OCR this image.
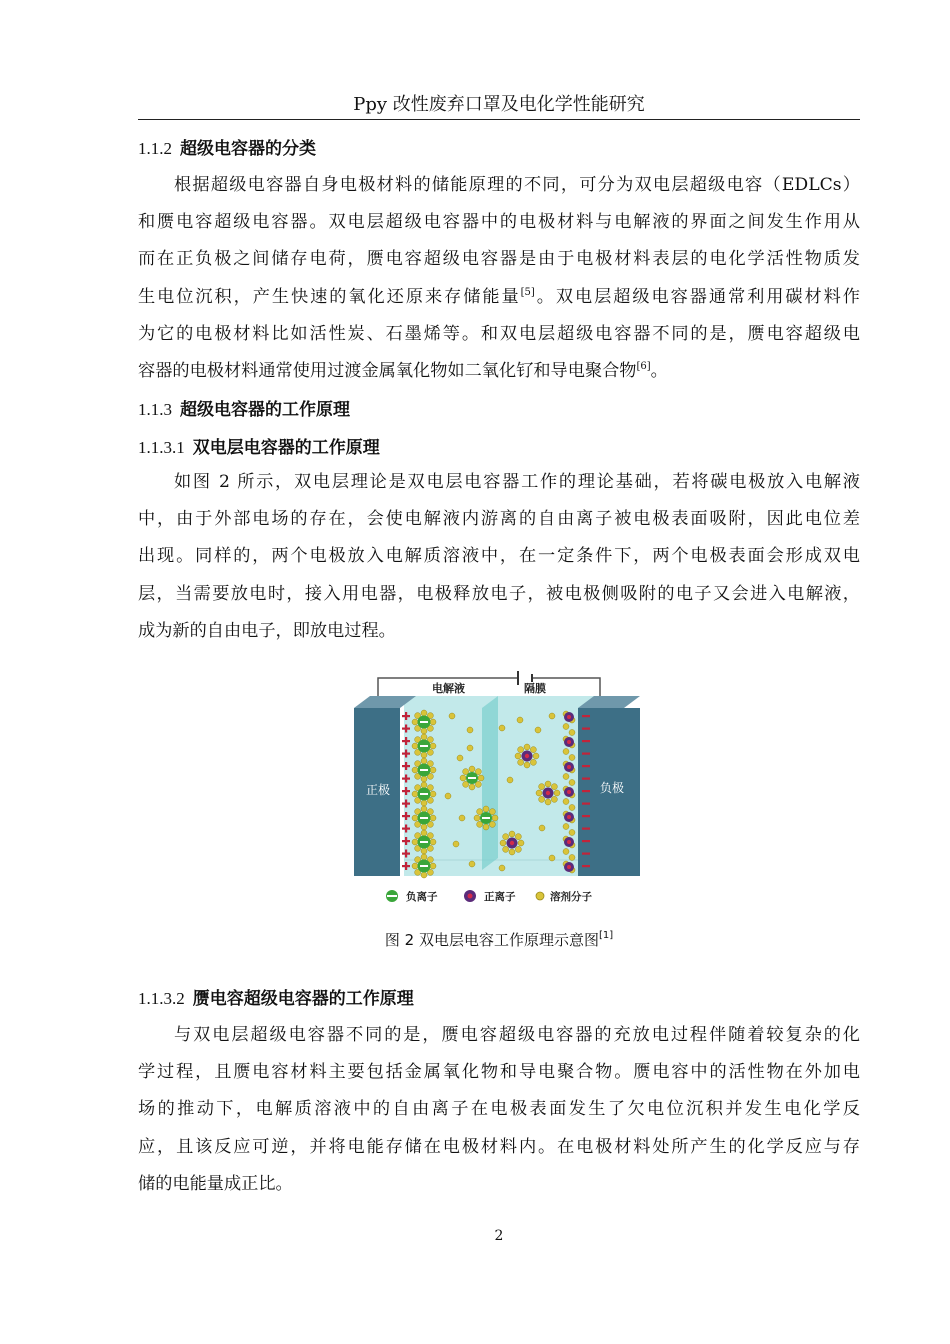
Ppy 改性废弃口罩及电化学性能研究
1.1.2 超级电容器的分类
根据超级电容器自身电极材料的储能原理的不同，可分为双电层超级电容（EDLCs）
和赝电容超级电容器。双电层超级电容器中的电极材料与电解液的界面之间发生作用从
而在正负极之间储存电荷，赝电容超级电容器是由于电极材料表层的电化学活性物质发
生电位沉积，产生快速的氧化还原来存储能量[5]。双电层超级电容器通常利用碳材料作
为它的电极材料比如活性炭、石墨烯等。和双电层超级电容器不同的是，赝电容超级电
容器的电极材料通常使用过渡金属氧化物如二氧化钌和导电聚合物[6]。
1.1.3 超级电容器的工作原理
1.1.3.1 双电层电容器的工作原理
如图 2 所示，双电层理论是双电层电容器工作的理论基础，若将碳电极放入电解液
中，由于外部电场的存在，会使电解液内游离的自由离子被电极表面吸附，因此电位差
出现。同样的，两个电极放入电解质溶液中，在一定条件下，两个电极表面会形成双电
层，当需要放电时，接入用电器，电极释放电子，被电极侧吸附的电子又会进入电解液，
成为新的自由电子，即放电过程。
电解液	隔膜
正极	负极
负离子	正离子	溶剂分子
图 2 双电层电容工作原理示意图[1]
1.1.3.2 赝电容超级电容器的工作原理
与双电层超级电容器不同的是，赝电容超级电容器的充放电过程伴随着较复杂的化
学过程，且赝电容材料主要包括金属氧化物和导电聚合物。赝电容中的活性物在外加电
场的推动下，电解质溶液中的自由离子在电极表面发生了欠电位沉积并发生电化学反
应，且该反应可逆，并将电能存储在电极材料内。在电极材料处所产生的化学反应与存
储的电能量成正比。
2
